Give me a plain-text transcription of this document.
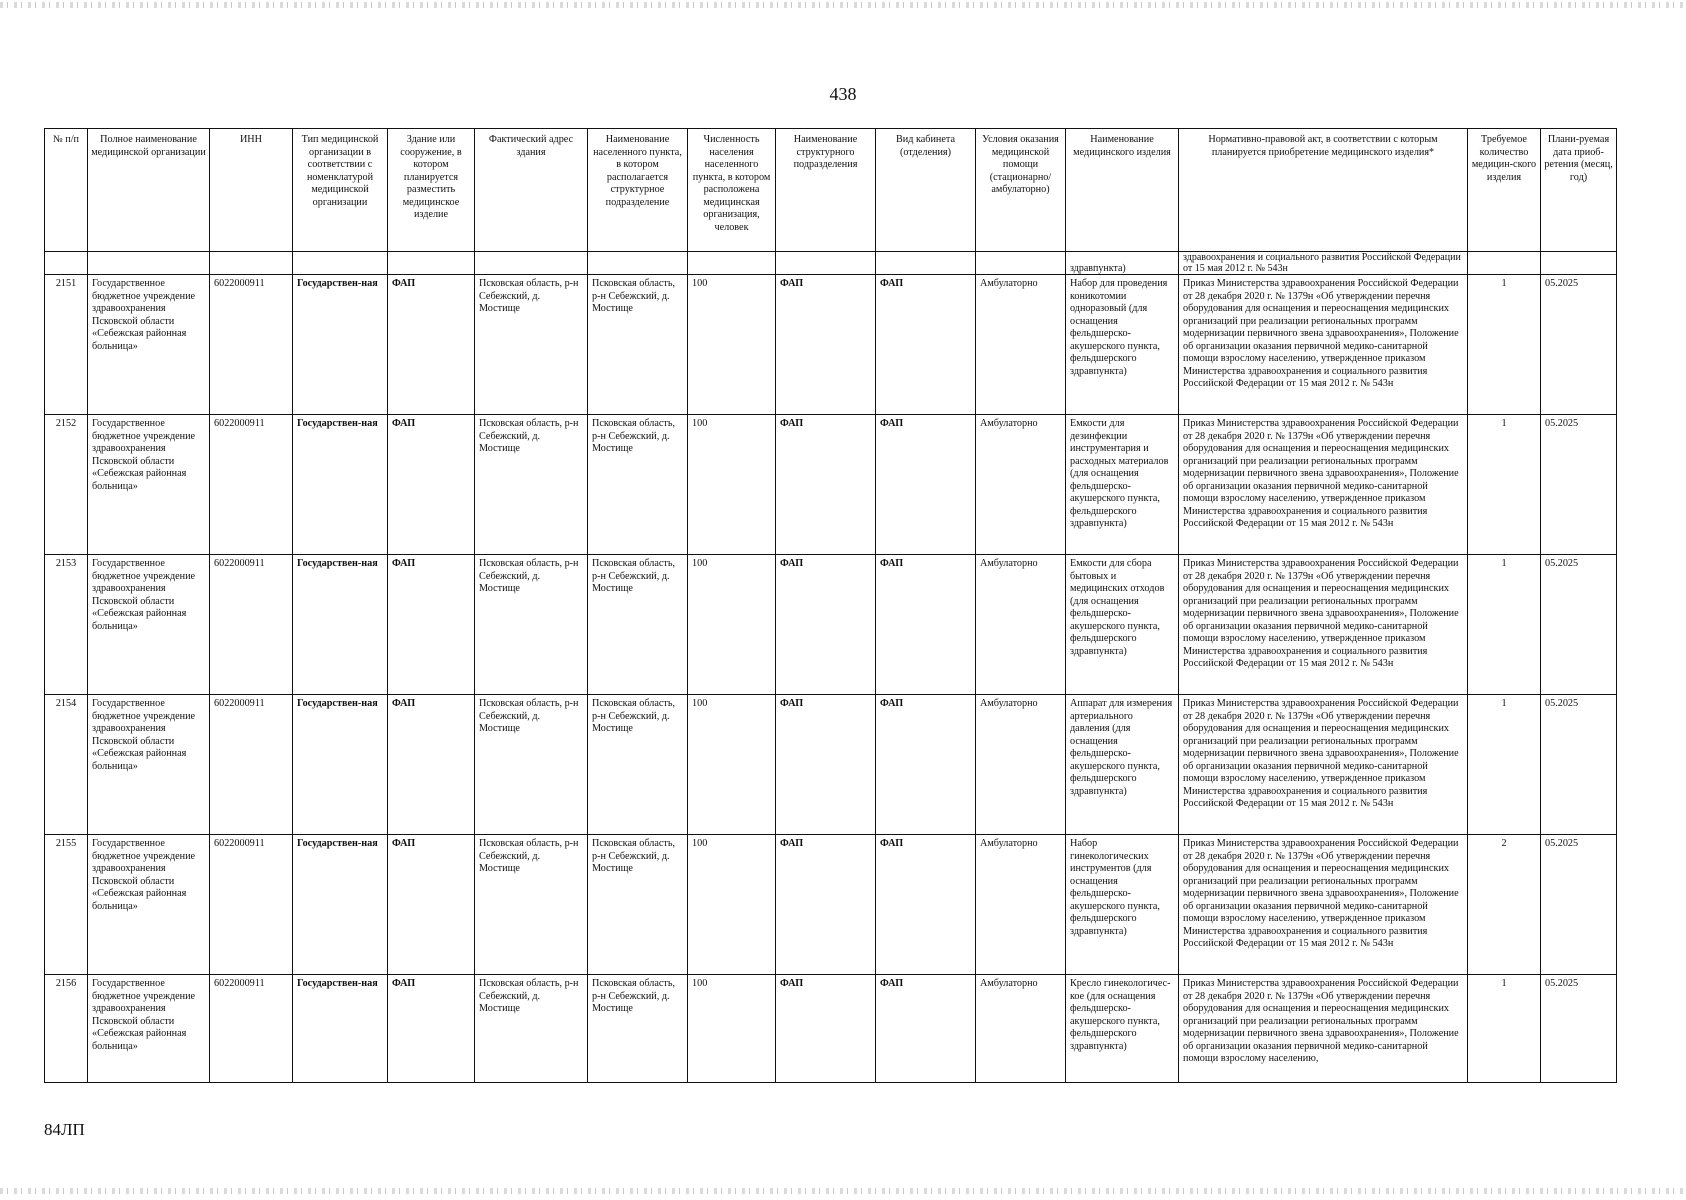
438
№ п/п	Полное наименование медицинской организации	ИНН	Тип медицинской организации в соответствии с номенклатурой медицинской организации	Здание или сооружение, в котором планируется разместить медицинское изделие	Фактический адрес здания	Наименование населенного пункта, в котором располагается структурное подразделение	Численность населения населенного пункта, в котором расположена медицинская организация, человек	Наименование структурного подразделения	Вид кабинета (отделения)	Условия оказания медицинской помощи (стационарно/ амбулаторно)	Наименование медицинского изделия	Нормативно-правовой акт, в соответствии с которым планируется приобретение медицинского изделия*	Требуемое количество медицин-ского изделия	Плани-руемая дата приоб-ретения (месяц, год)
											здравпункта)	здравоохранения и социального развития Российской Федерации от 15 мая 2012 г. № 543н		
2151	Государственное бюджетное учреждение здравоохранения Псковской области «Себежская районная больница»	6022000911	Государствен-ная	ФАП	Псковская область, р-н Себежский, д. Мостище	Псковская область, р-н Себежский, д. Мостище	100	ФАП	ФАП	Амбулаторно	Набор для проведения коникотомии одноразовый (для оснащения фельдшерско-акушерского пункта, фельдшерского здравпункта)	Приказ Министерства здравоохранения Российской Федерации от 28 декабря 2020 г. № 1379н «Об утверждении перечня оборудования для оснащения и переоснащения медицинских организаций при реализации региональных программ модернизации первичного звена здравоохранения», Положение об организации оказания первичной медико-санитарной помощи взрослому населению, утвержденное приказом Министерства здравоохранения и социального развития Российской Федерации от 15 мая 2012 г. № 543н	1	05.2025
2152	Государственное бюджетное учреждение здравоохранения Псковской области «Себежская районная больница»	6022000911	Государствен-ная	ФАП	Псковская область, р-н Себежский, д. Мостище	Псковская область, р-н Себежский, д. Мостище	100	ФАП	ФАП	Амбулаторно	Емкости для дезинфекции инструментария и расходных материалов (для оснащения фельдшерско-акушерского пункта, фельдшерского здравпункта)	Приказ Министерства здравоохранения Российской Федерации от 28 декабря 2020 г. № 1379н «Об утверждении перечня оборудования для оснащения и переоснащения медицинских организаций при реализации региональных программ модернизации первичного звена здравоохранения», Положение об организации оказания первичной медико-санитарной помощи взрослому населению, утвержденное приказом Министерства здравоохранения и социального развития Российской Федерации от 15 мая 2012 г. № 543н	1	05.2025
2153	Государственное бюджетное учреждение здравоохранения Псковской области «Себежская районная больница»	6022000911	Государствен-ная	ФАП	Псковская область, р-н Себежский, д. Мостище	Псковская область, р-н Себежский, д. Мостище	100	ФАП	ФАП	Амбулаторно	Емкости для сбора бытовых и медицинских отходов (для оснащения фельдшерско-акушерского пункта, фельдшерского здравпункта)	Приказ Министерства здравоохранения Российской Федерации от 28 декабря 2020 г. № 1379н «Об утверждении перечня оборудования для оснащения и переоснащения медицинских организаций при реализации региональных программ модернизации первичного звена здравоохранения», Положение об организации оказания первичной медико-санитарной помощи взрослому населению, утвержденное приказом Министерства здравоохранения и социального развития Российской Федерации от 15 мая 2012 г. № 543н	1	05.2025
2154	Государственное бюджетное учреждение здравоохранения Псковской области «Себежская районная больница»	6022000911	Государствен-ная	ФАП	Псковская область, р-н Себежский, д. Мостище	Псковская область, р-н Себежский, д. Мостище	100	ФАП	ФАП	Амбулаторно	Аппарат для измерения артериального давления (для оснащения фельдшерско-акушерского пункта, фельдшерского здравпункта)	Приказ Министерства здравоохранения Российской Федерации от 28 декабря 2020 г. № 1379н «Об утверждении перечня оборудования для оснащения и переоснащения медицинских организаций при реализации региональных программ модернизации первичного звена здравоохранения», Положение об организации оказания первичной медико-санитарной помощи взрослому населению, утвержденное приказом Министерства здравоохранения и социального развития Российской Федерации от 15 мая 2012 г. № 543н	1	05.2025
2155	Государственное бюджетное учреждение здравоохранения Псковской области «Себежская районная больница»	6022000911	Государствен-ная	ФАП	Псковская область, р-н Себежский, д. Мостище	Псковская область, р-н Себежский, д. Мостище	100	ФАП	ФАП	Амбулаторно	Набор гинекологических инструментов (для оснащения фельдшерско-акушерского пункта, фельдшерского здравпункта)	Приказ Министерства здравоохранения Российской Федерации от 28 декабря 2020 г. № 1379н «Об утверждении перечня оборудования для оснащения и переоснащения медицинских организаций при реализации региональных программ модернизации первичного звена здравоохранения», Положение об организации оказания первичной медико-санитарной помощи взрослому населению, утвержденное приказом Министерства здравоохранения и социального развития Российской Федерации от 15 мая 2012 г. № 543н	2	05.2025
2156	Государственное бюджетное учреждение здравоохранения Псковской области «Себежская районная больница»	6022000911	Государствен-ная	ФАП	Псковская область, р-н Себежский, д. Мостище	Псковская область, р-н Себежский, д. Мостище	100	ФАП	ФАП	Амбулаторно	Кресло гинекологичес-кое (для оснащения фельдшерско-акушерского пункта, фельдшерского здравпункта)	Приказ Министерства здравоохранения Российской Федерации от 28 декабря 2020 г. № 1379н «Об утверждении перечня оборудования для оснащения и переоснащения медицинских организаций при реализации региональных программ модернизации первичного звена здравоохранения», Положение об организации оказания первичной медико-санитарной помощи взрослому населению,	1	05.2025
84ЛП
